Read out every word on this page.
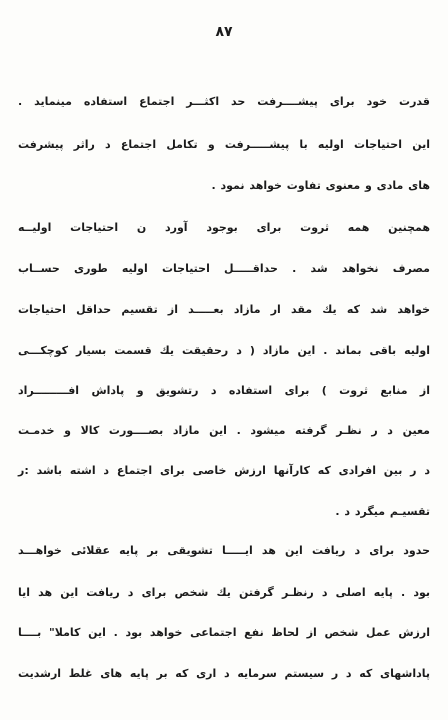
۸۷
قدرت خود برای پیشــــرفت حد اکثـــر اجتماع استفاده مینماید .
این احتیاجات اولیه با پیشـــــرفت و تکامل اجتماع د راثر پیشرفت
های مادی و معنوی تفاوت خواهد نمود .
همچنین همه ثروت برای بوجود آورد ن احتیاجات اولیــه
مصرف نخواهد شد . حداقـــــل احتیاجات اولیه طوری حســاب
خواهد شد که یك مقد ار مازاد بعـــــد از تقسیم حداقل احتیاجات
اولیه باقی بماند . این مازاد ( د رحقیقت یك قسمت بسیار کوچکـــی
از منابع ثروت ) برای استفاده د رتشویق و پاداش افـــــــــراد
معین د ر نظـر گرفته میشود . این مازاد بصــــورت کالا و خدمـت
د ر بین افرادی که کارآنها ارزش خاصی برای اجتماع د اشته باشد :ر
تقسیـم میگرد د .
حدود برای د ریافت این هد ایـــــا تشویقی بر پایه عقلائی خواهـــد
بود . پایه اصلی د رنظـر گرفتن یك شخص برای د ریافت این هد ایا
ارزش عمل شخص از لحاظ نفع اجتماعی خواهد بود . این کاملا" بــــا
پاداشهای که د ر سیستم سرمایه د اری که بر پایه های غلط ارشدیت
